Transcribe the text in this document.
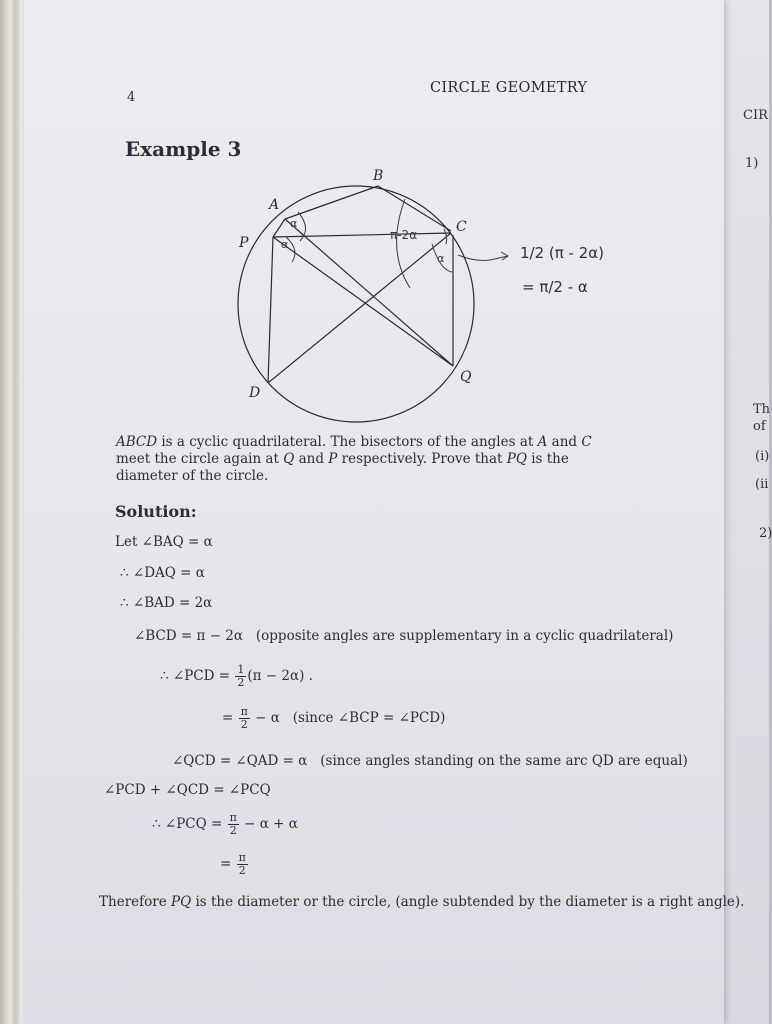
CIR
1)
Th
of
(i)
(ii
2)
4
CIRCLE GEOMETRY
Example 3
B
A
C
P
D
Q
α
α
α
π-2α
1/2 (π - 2α)
= π/2 - α
ABCD is a cyclic quadrilateral. The bisectors of the angles at A and C meet the circle again at Q and P respectively. Prove that PQ is the diameter of the circle.
Solution:
Let ∠BAQ = α
∴ ∠DAQ = α
∴ ∠BAD = 2α
∠BCD = π − 2α (opposite angles are supplementary in a cyclic quadrilateral)
∴ ∠PCD = $\frac{1}{2} (\pi - 2\alpha)$ .
= $\frac{\pi}{2} - \alpha$ (since ∠BCP = ∠PCD)
∠QCD = ∠QAD = α (since angles standing on the same arc QD are equal)
∠PCD + ∠QCD = ∠PCQ
∴ ∠PCQ = $\frac{\pi}{2} - \alpha + \alpha$
= $\frac{\pi}{2}$
Therefore PQ is the diameter or the circle, (angle subtended by the diameter is a right angle).
